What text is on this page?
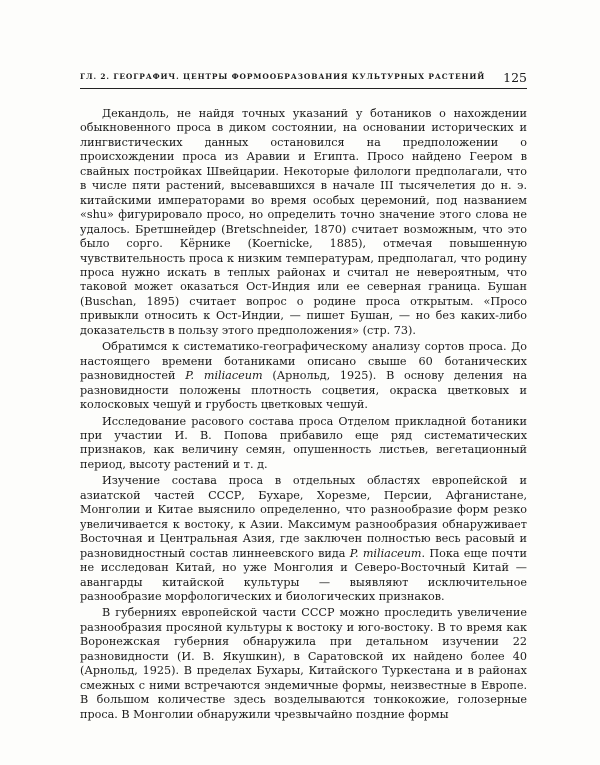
ГЛ. 2. ГЕОГРАФИЧ. ЦЕНТРЫ ФОРМООБРАЗОВАНИЯ КУЛЬТУРНЫХ РАСТЕНИЙ 125

Декандоль, не найдя точных указаний у ботаников о нахождении обыкновенного проса в диком состоянии, на основании исторических и лингвистических данных остановился на предположении о происхождении проса из Аравии и Египта. Просо найдено Геером в свайных постройках Швейцарии. Некоторые филологи предполагали, что в числе пяти растений, высевавшихся в начале III тысячелетия до н. э. китайскими императорами во время особых церемоний, под названием «shu» фигурировало просо, но определить точно значение этого слова не удалось. Бретшнейдер (Bretschneider, 1870) считает возможным, что это было сорго. Кёрнике (Koernicke, 1885), отмечая повышенную чувствительность проса к низким температурам, предполагал, что родину проса нужно искать в теплых районах и считал не невероятным, что таковой может оказаться Ост-Индия или ее северная граница. Бушан (Buschan, 1895) считает вопрос о родине проса открытым. «Просо привыкли относить к Ост-Индии, — пишет Бушан, — но без каких-либо доказательств в пользу этого предположения» (стр. 73).

Обратимся к систематико-географическому анализу сортов проса. До настоящего времени ботаниками описано свыше 60 ботанических разновидностей P. miliaceum (Арнольд, 1925). В основу деления на разновидности положены плотность соцветия, окраска цветковых и колосковых чешуй и грубость цветковых чешуй.

Исследование расового состава проса Отделом прикладной ботаники при участии И. В. Попова прибавило еще ряд систематических признаков, как величину семян, опушенность листьев, вегетационный период, высоту растений и т. д.

Изучение состава проса в отдельных областях европейской и азиатской частей СССР, Бухаре, Хорезме, Персии, Афганистане, Монголии и Китае выяснило определенно, что разнообразие форм резко увеличивается к востоку, к Азии. Максимум разнообразия обнаруживает Восточная и Центральная Азия, где заключен полностью весь расовый и разновидностный состав линнеевского вида P. miliaceum. Пока еще почти не исследован Китай, но уже Монголия и Северо-Восточный Китай — авангарды китайской культуры — выявляют исключительное разнообразие морфологических и биологических признаков.

В губерниях европейской части СССР можно проследить увеличение разнообразия просяной культуры к востоку и юго-востоку. В то время как Воронежская губерния обнаружила при детальном изучении 22 разновидности (И. В. Якушкин), в Саратовской их найдено более 40 (Арнольд, 1925). В пределах Бухары, Китайского Туркестана и в районах смежных с ними встречаются эндемичные формы, неизвестные в Европе. В большом количестве здесь возделываются тонкокожие, голозерные проса. В Монголии обнаружили чрезвычайно поздние формы
